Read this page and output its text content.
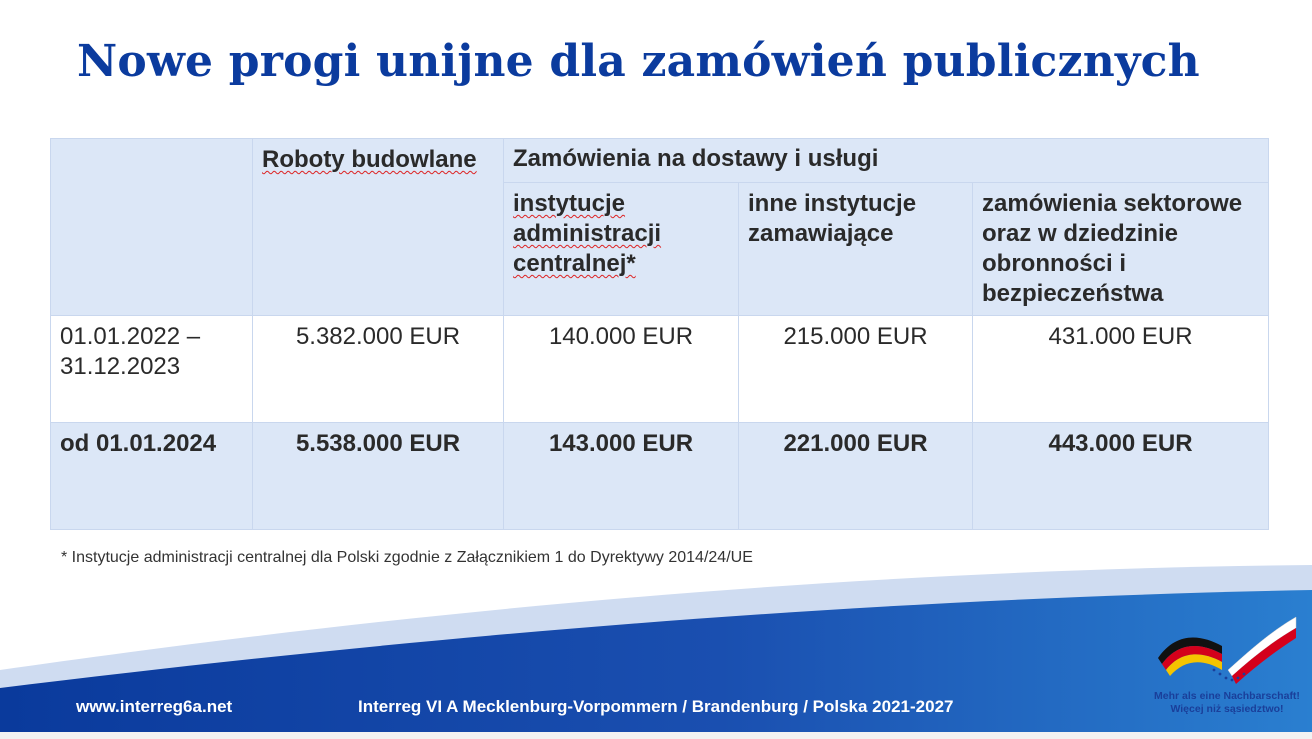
Nowe progi unijne dla zamówień publicznych
	Roboty budowlane	Zamówienia na dostawy i usługi		
		instytucje administracji centralnej*	inne instytucje zamawiające	zamówienia sektorowe oraz w dziedzinie obronności i bezpieczeństwa

01.01.2022 –
31.12.2023	5.382.000 EUR	140.000 EUR	215.000 EUR	431.000 EUR
od 01.01.2024	5.538.000 EUR	143.000 EUR	221.000 EUR	443.000 EUR
* Instytucje administracji centralnej dla Polski zgodnie z Załącznikiem 1 do Dyrektywy 2014/24/UE
www.interreg6a.net	Interreg VI A Mecklenburg-Vorpommern / Brandenburg / Polska 2021-2027
Mehr als eine Nachbarschaft!
Więcej niż sąsiedztwo!
